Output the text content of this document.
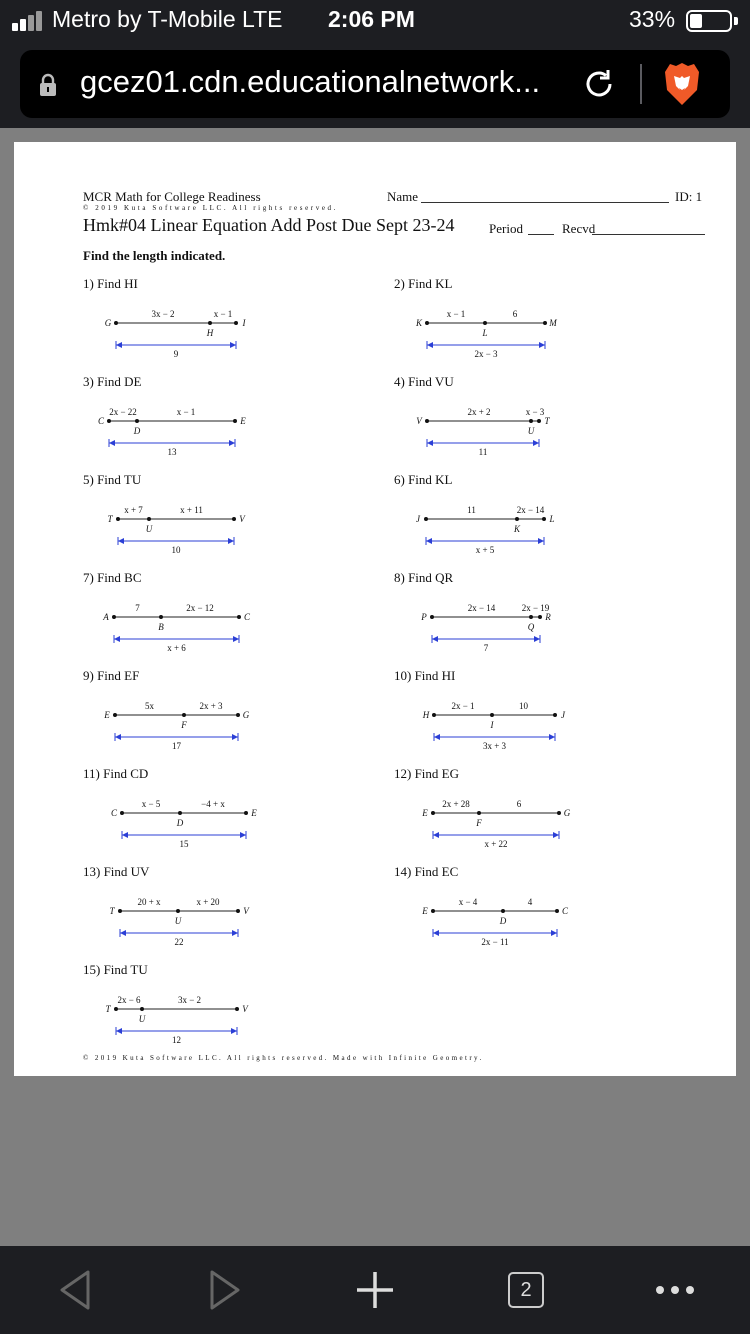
Metro by T-Mobile LTE 2:06 PM	33%
gcez01.cdn.educationalnetwork...
MCR Math for College Readiness
© 2019 Kuta Software LLC. All rights reserved.
Name	ID: 1
Hmk#04 Linear Equation Add Post Due Sept 23-24	Period	Recvd
Find the length indicated.
1) Find HI	2) Find KL
3) Find DE	4) Find VU
5) Find TU	6) Find KL
7) Find BC	8) Find QR
9) Find EF	10) Find HI
11) Find CD	12) Find EG
13) Find UV	14) Find EC
15) Find TU
G
H
I
3x − 2	x − 1
9
K
L
M
x − 1	6
2x − 3
C
D
E
2x − 22	x − 1
13
V
U
T
2x + 2	x − 3
11
T
U
V
x + 7	x + 11
10
J
K
L
11	2x − 14
x + 5
A
B
C
7	2x − 12
x + 6
P
Q
R
2x − 14	2x − 19
7
E
F
G
5x	2x + 3
17
H
I
J
2x − 1	10
3x + 3
C
D
E
x − 5	−4 + x
15
E
F
G
2x + 28	6
x + 22
T
U
V
20 + x	x + 20
22
E
D
C
x − 4	4
2x − 11
T
U
V
2x − 6	3x − 2
12
© 2019 Kuta Software LLC. All rights reserved. Made with Infinite Geometry.
2
